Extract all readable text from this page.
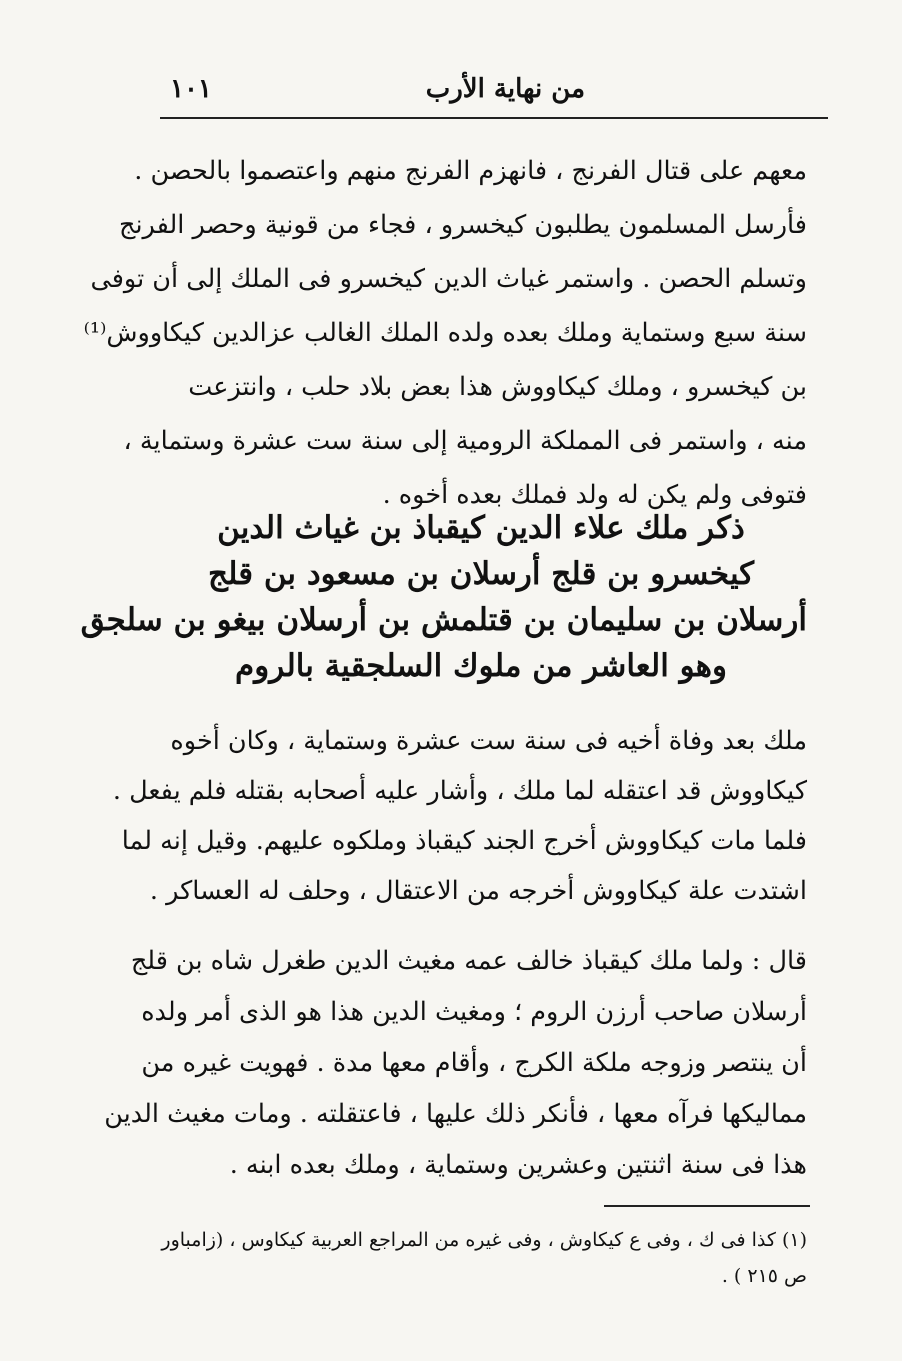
من نهاية الأرب
١٠١
معهم على قتال الفرنج ، فانهزم الفرنج منهم واعتصموا بالحصن .
فأرسل المسلمون يطلبون كيخسرو ، فجاء من قونية وحصر الفرنج
وتسلم الحصن . واستمر غياث الدين كيخسرو فى الملك إلى أن توفى
سنة سبع وستماية وملك بعده ولده الملك الغالب عزالدين كيكاووش⁽¹⁾
بن كيخسرو ، وملك كيكاووش هذا بعض بلاد حلب ، وانتزعت
منه ، واستمر فى المملكة الرومية إلى سنة ست عشرة وستماية ،
فتوفى ولم يكن له ولد فملك بعده أخوه .
ذكر ملك علاء الدين كيقباذ بن غياث الدين
كيخسرو بن قلج أرسلان بن مسعود بن قلج
أرسلان بن سليمان بن قتلمش بن أرسلان بيغو بن سلجق
وهو العاشر من ملوك السلجقية بالروم
ملك بعد وفاة أخيه فى سنة ست عشرة وستماية ، وكان أخوه
كيكاووش قد اعتقله لما ملك ، وأشار عليه أصحابه بقتله فلم يفعل .
فلما مات كيكاووش أخرج الجند كيقباذ وملكوه عليهم. وقيل إنه لما
اشتدت علة كيكاووش أخرجه من الاعتقال ، وحلف له العساكر .
قال : ولما ملك كيقباذ خالف عمه مغيث الدين طغرل شاه بن قلج
أرسلان صاحب أرزن الروم ؛ ومغيث الدين هذا هو الذى أمر ولده
أن ينتصر وزوجه ملكة الكرج ، وأقام معها مدة . فهويت غيره من
مماليكها فرآه معها ، فأنكر ذلك عليها ، فاعتقلته . ومات مغيث الدين
هذا فى سنة اثنتين وعشرين وستماية ، وملك بعده ابنه .
(١) كذا فى ك ، وفى ع كيكاوش ، وفى غيره من المراجع العربية كيكاوس ، (زامباور
ص ٢١٥ ) .
